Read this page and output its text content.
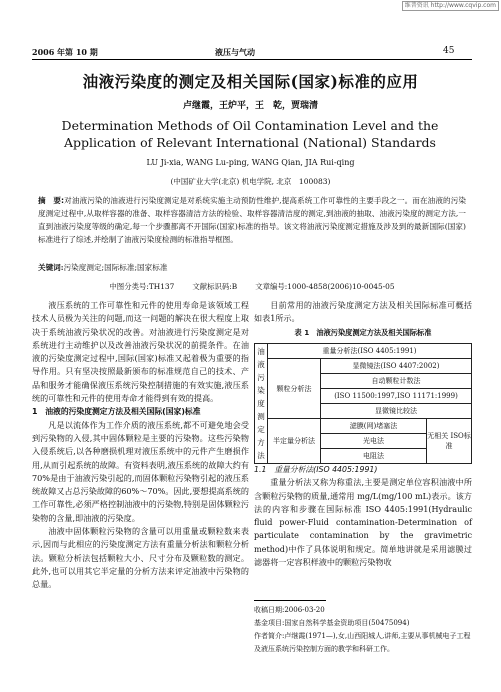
维普资讯 http://www.cqvip.com
2006 年第 10 期	液压与气动	45
油液污染度的测定及相关国际(国家)标准的应用
卢继霞，王炉平，王　乾，贾瑞清
Determination Methods of Oil Contamination Level and the Application of Relevant International (National) Standards
LU Ji-xia, WANG Lu-ping, WANG Qian, JIA Rui-qing
(中国矿业大学(北京) 机电学院, 北京　100083)
摘　要:对油液污染的油液进行污染度测定是对系统实施主动预防性维护,提高系统工作可靠性的主要手段之一。而在油液的污染度测定过程中,从取样容器的准备、取样容器清洁方法的检验、取样容器清洁度的测定,到油液的抽取、油液污染度的测定方法,一直到油液污染度等级的确定,每一个步骤都离不开国际(国家)标准的指导。该文将油液污染度测定措施及涉及到的最新国际(国家)标准进行了综述,并绘制了油液污染度检测的标准指导框图。
关键词:污染度测定;国际标准;国家标准
中图分类号:TH137 文献标识码:B 文章编号:1000-4858(2006)10-0045-05

液压系统的工作可靠性和元件的使用寿命是该领域工程技术人员极为关注的问题,而这一问题的解决在很大程度上取决于系统油液污染状况的改善。对油液进行污染度测定是对系统进行主动维护以及改善油液污染状况的前提条件。在油液的污染度测定过程中,国际(国家)标准又起着极为重要的指导作用。只有坚决按照最新颁布的标准规范自己的技术、产品和服务才能确保液压系统污染控制措施的有效实施,液压系统的可靠性和元件的使用寿命才能得到有效的提高。

1　油液的污染度测定方法及相关国际(国家)标准

凡是以流体作为工作介质的液压系统,都不可避免地会受到污染物的入侵,其中固体颗粒是主要的污染物。这些污染物入侵系统后,以各种磨损机理对液压系统中的元件产生磨损作用,从而引起系统的故障。有资料表明,液压系统的故障大约有70%是由于油液污染引起的,而固体颗粒污染物引起的液压系统故障又占总污染故障的60%～70%。因此,要想提高系统的工作可靠性,必须严格控制油液中的污染物,特别是固体颗粒污染物的含量,即油液的污染度。

油液中固体颗粒污染物的含量可以用重量或颗粒数来表示,因而与此相应的污染度测定方法有重量分析法和颗粒分析法。颗粒分析法包括颗粒大小、尺寸分布及颗粒数的测定。此外,也可以用其它半定量的分析方法来评定油液中污染物的总量。

目前常用的油液污染度测定方法及相关国际标准可概括如表1所示。

表 1　油液污染度测定方法及相关国际标准
油液污染度测定方法	重量分析法(ISO 4405:1991)		
	颗粒分析法	显微镜法(ISO 4407:2002)	
		自动颗粒计数法	
		(ISO 11500:1997,ISO 11171:1999)	
		显微镜比较法	
	半定量分析法	滤膜(网)堵塞法	无相关 ISO标准
		光电法	
		电阻法	

1.1　重量分析法(ISO 4405:1991)

重量分析法又称为称重法,主要是测定单位容积油液中所含颗粒污染物的质量,通常用 mg/L(mg/100 mL)表示。该方法的内容和步骤在国际标准 ISO 4405:1991(Hydraulic fluid power-Fluid contamination-Determination of particulate contamination by the gravimetric method)中作了具体说明和规定。简单地讲就是采用滤膜过滤器将一定容积样液中的颗粒污染物收

收稿日期:2006-03-20
基金项目:国家自然科学基金资助项目(50475094)
作者简介:卢继霞(1971—),女,山西阳城人,讲师,主要从事机械电子工程及液压系统污染控制方面的教学和科研工作。
